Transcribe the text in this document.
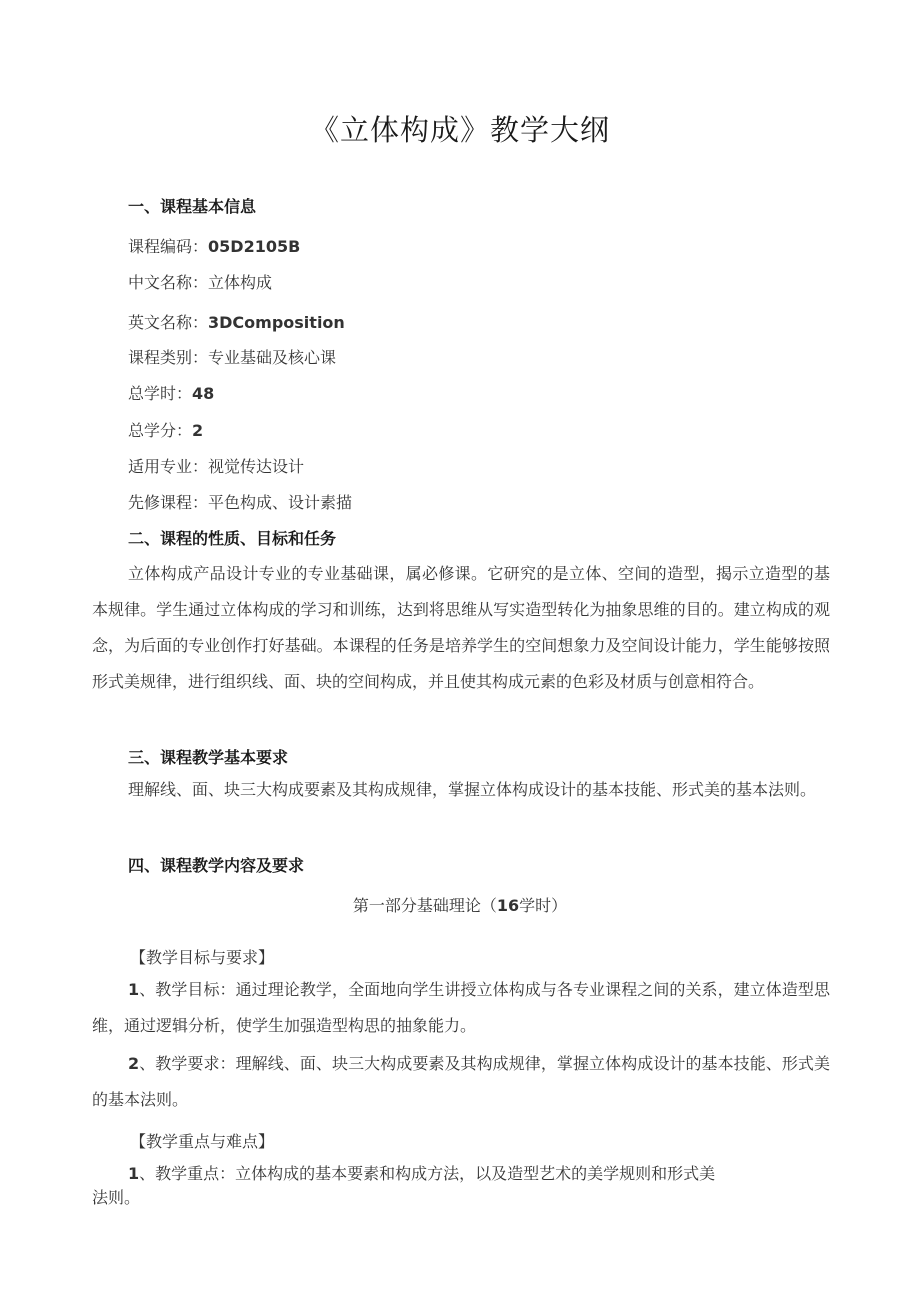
《立体构成》教学大纲
一、课程基本信息
课程编码：05D2105B
中文名称：立体构成
英文名称：3DComposition
课程类别：专业基础及核心课
总学时：48
总学分：2
适用专业：视觉传达设计
先修课程：平色构成、设计素描
二、课程的性质、目标和任务
立体构成产品设计专业的专业基础课，属必修课。它研究的是立体、空间的造型，揭示立造型的基本规律。学生通过立体构成的学习和训练，达到将思维从写实造型转化为抽象思维的目的。建立构成的观念，为后面的专业创作打好基础。本课程的任务是培养学生的空间想象力及空间设计能力，学生能够按照形式美规律，进行组织线、面、块的空间构成，并且使其构成元素的色彩及材质与创意相符合。
三、课程教学基本要求
理解线、面、块三大构成要素及其构成规律，掌握立体构成设计的基本技能、形式美的基本法则。
四、课程教学内容及要求
第一部分基础理论（16学时）
【教学目标与要求】
1、教学目标：通过理论教学，全面地向学生讲授立体构成与各专业课程之间的关系，建立体造型思维，通过逻辑分析，使学生加强造型构思的抽象能力。
2、教学要求：理解线、面、块三大构成要素及其构成规律，掌握立体构成设计的基本技能、形式美的基本法则。
【教学重点与难点】
1、教学重点：立体构成的基本要素和构成方法，以及造型艺术的美学规则和形式美
法则。
